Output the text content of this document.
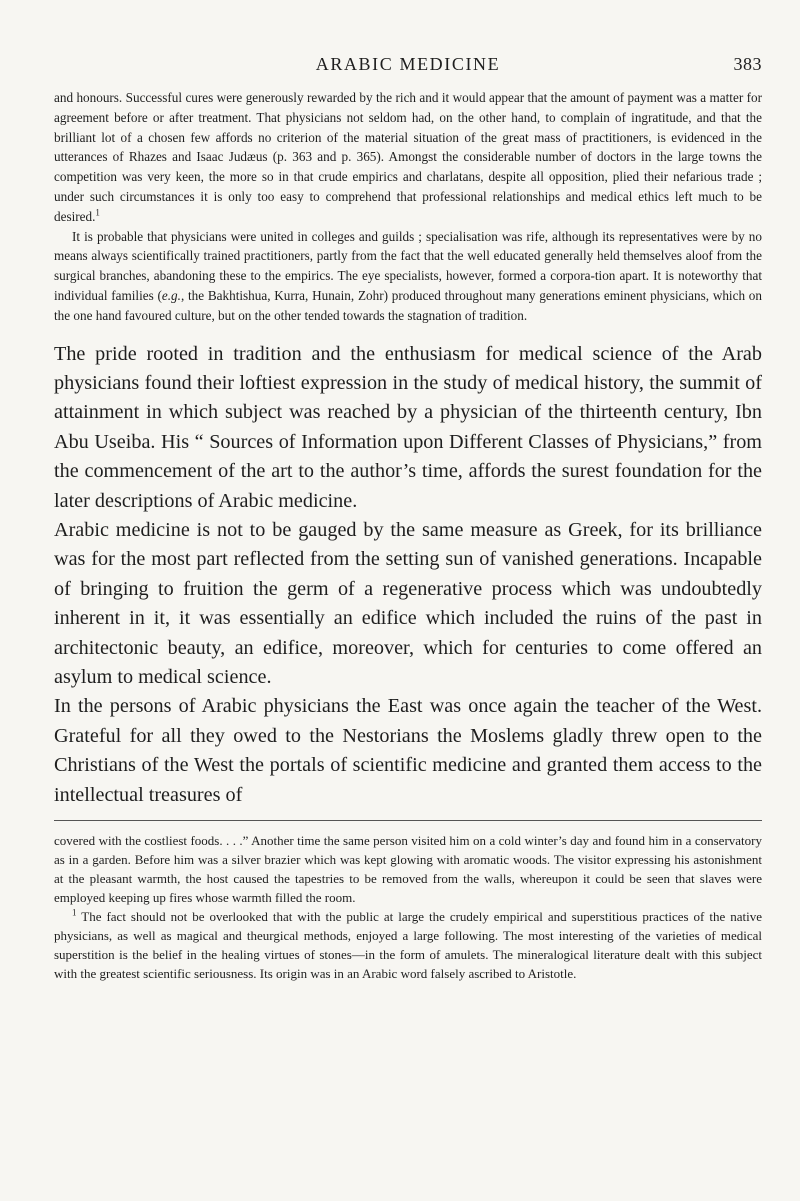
ARABIC MEDICINE	383

and honours. Successful cures were generously rewarded by the rich and it would appear that the amount of payment was a matter for agreement before or after treatment. That physicians not seldom had, on the other hand, to complain of ingratitude, and that the brilliant lot of a chosen few affords no criterion of the material situation of the great mass of practitioners, is evidenced in the utterances of Rhazes and Isaac Judæus (p. 363 and p. 365). Amongst the considerable number of doctors in the large towns the competition was very keen, the more so in that crude empirics and charlatans, despite all opposition, plied their nefarious trade ; under such circumstances it is only too easy to comprehend that professional relationships and medical ethics left much to be desired.$^1$

It is probable that physicians were united in colleges and guilds ; specialisation was rife, although its representatives were by no means always scientifically trained practitioners, partly from the fact that the well educated generally held themselves aloof from the surgical branches, abandoning these to the empirics. The eye specialists, however, formed a corpora-tion apart. It is noteworthy that individual families (e.g., the Bakhtishua, Kurra, Hunain, Zohr) produced throughout many generations eminent physicians, which on the one hand favoured culture, but on the other tended towards the stagnation of tradition.

The pride rooted in tradition and the enthusiasm for medical science of the Arab physicians found their loftiest expression in the study of medical history, the summit of attainment in which subject was reached by a physician of the thirteenth century, Ibn Abu Useiba. His “ Sources of Information upon Different Classes of Physicians,” from the commencement of the art to the author’s time, affords the surest foundation for the later descriptions of Arabic medicine.

Arabic medicine is not to be gauged by the same measure as Greek, for its brilliance was for the most part reflected from the setting sun of vanished generations. Incapable of bringing to fruition the germ of a regenerative process which was undoubtedly inherent in it, it was essentially an edifice which included the ruins of the past in architectonic beauty, an edifice, moreover, which for centuries to come offered an asylum to medical science.

In the persons of Arabic physicians the East was once again the teacher of the West. Grateful for all they owed to the Nestorians the Moslems gladly threw open to the Christians of the West the portals of scientific medicine and granted them access to the intellectual treasures of

covered with the costliest foods. . . .” Another time the same person visited him on a cold winter’s day and found him in a conservatory as in a garden. Before him was a silver brazier which was kept glowing with aromatic woods. The visitor expressing his astonishment at the pleasant warmth, the host caused the tapestries to be removed from the walls, whereupon it could be seen that slaves were employed keeping up fires whose warmth filled the room.

$^1$ The fact should not be overlooked that with the public at large the crudely empirical and superstitious practices of the native physicians, as well as magical and theurgical methods, enjoyed a large following. The most interesting of the varieties of medical superstition is the belief in the healing virtues of stones—in the form of amulets. The mineralogical literature dealt with this subject with the greatest scientific seriousness. Its origin was in an Arabic word falsely ascribed to Aristotle.
